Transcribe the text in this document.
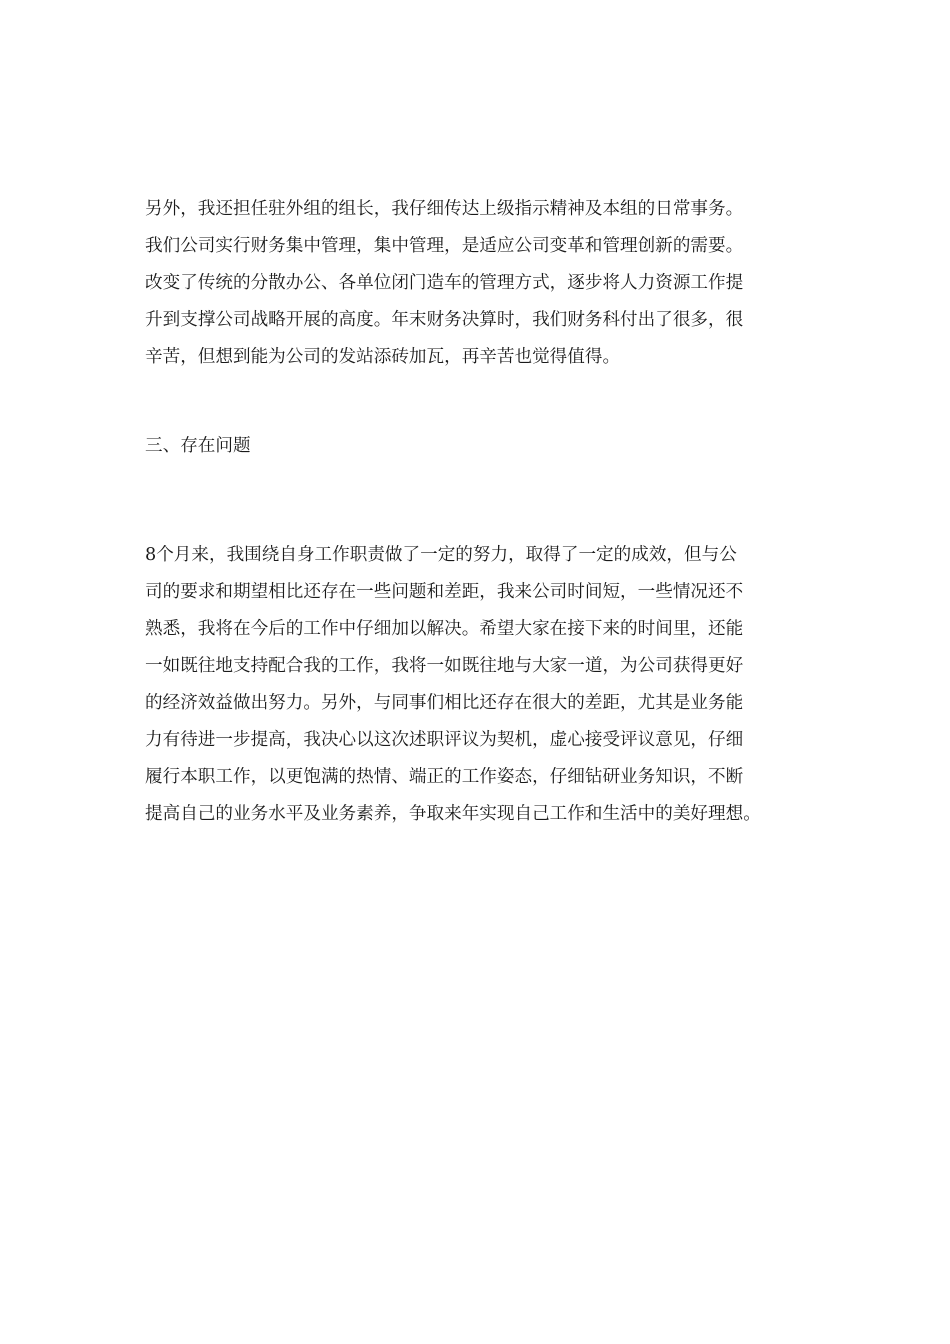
另外，我还担任驻外组的组长，我仔细传达上级指示精神及本组的日常事务。
我们公司实行财务集中管理，集中管理，是适应公司变革和管理创新的需要。
改变了传统的分散办公、各单位闭门造车的管理方式，逐步将人力资源工作提
升到支撑公司战略开展的高度。年末财务决算时，我们财务科付出了很多，很
辛苦，但想到能为公司的发站添砖加瓦，再辛苦也觉得值得。
三、存在问题
8个月来，我围绕自身工作职责做了一定的努力，取得了一定的成效，但与公
司的要求和期望相比还存在一些问题和差距，我来公司时间短，一些情况还不
熟悉，我将在今后的工作中仔细加以解决。希望大家在接下来的时间里，还能
一如既往地支持配合我的工作，我将一如既往地与大家一道，为公司获得更好
的经济效益做出努力。另外，与同事们相比还存在很大的差距，尤其是业务能
力有待进一步提高，我决心以这次述职评议为契机，虚心接受评议意见，仔细
履行本职工作，以更饱满的热情、端正的工作姿态，仔细钻研业务知识，不断
提高自己的业务水平及业务素养，争取来年实现自己工作和生活中的美好理想。
